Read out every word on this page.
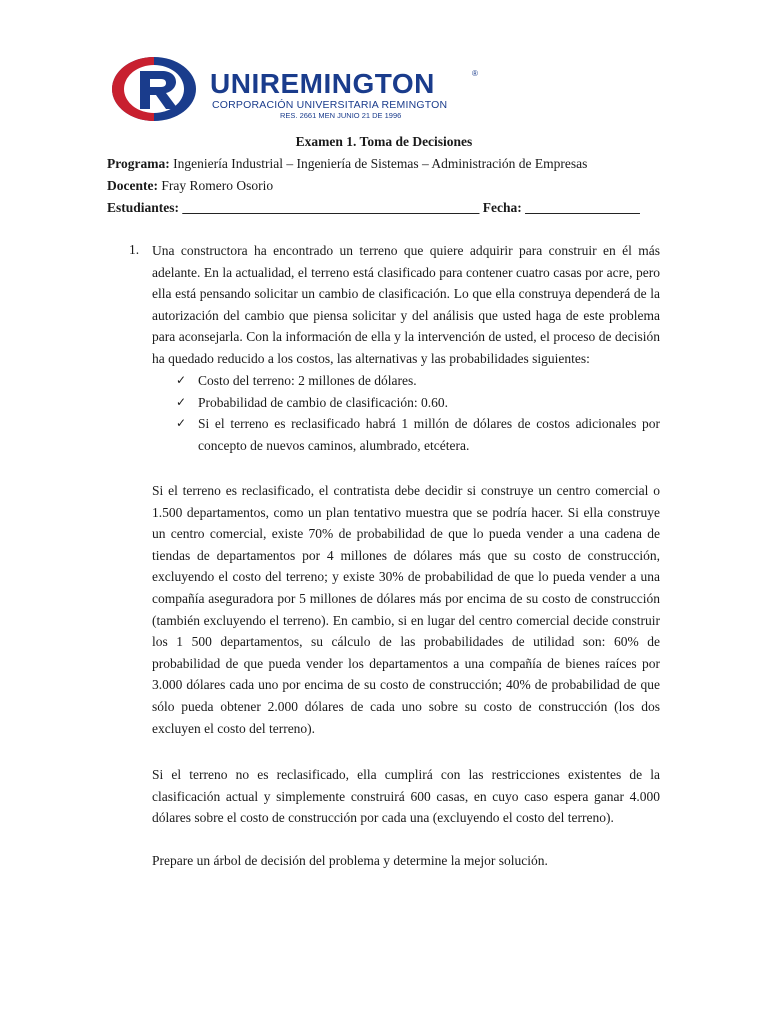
UNIREMINGTON	®
CORPORACIÓN UNIVERSITARIA REMINGTON
RES. 2661 MEN JUNIO 21 DE 1996
Examen 1. Toma de Decisiones
Programa: Ingeniería Industrial – Ingeniería de Sistemas – Administración de Empresas
Docente: Fray Romero Osorio
Estudiantes: ____________________________________________ Fecha: _________________
1. Una constructora ha encontrado un terreno que quiere adquirir para construir en él más adelante. En la actualidad, el terreno está clasificado para contener cuatro casas por acre, pero ella está pensando solicitar un cambio de clasificación. Lo que ella construya dependerá de la autorización del cambio que piensa solicitar y del análisis que usted haga de este problema para aconsejarla. Con la información de ella y la intervención de usted, el proceso de decisión ha quedado reducido a los costos, las alternativas y las probabilidades siguientes:

✓ Costo del terreno: 2 millones de dólares.
✓ Probabilidad de cambio de clasificación: 0.60.
✓ Si el terreno es reclasificado habrá 1 millón de dólares de costos adicionales por concepto de nuevos caminos, alumbrado, etcétera.

Si el terreno es reclasificado, el contratista debe decidir si construye un centro comercial o 1.500 departamentos, como un plan tentativo muestra que se podría hacer. Si ella construye un centro comercial, existe 70% de probabilidad de que lo pueda vender a una cadena de tiendas de departamentos por 4 millones de dólares más que su costo de construcción, excluyendo el costo del terreno; y existe 30% de probabilidad de que lo pueda vender a una compañía aseguradora por 5 millones de dólares más por encima de su costo de construcción (también excluyendo el terreno). En cambio, si en lugar del centro comercial decide construir los 1 500 departamentos, su cálculo de las probabilidades de utilidad son: 60% de probabilidad de que pueda vender los departamentos a una compañía de bienes raíces por 3.000 dólares cada uno por encima de su costo de construcción; 40% de probabilidad de que sólo pueda obtener 2.000 dólares de cada uno sobre su costo de construcción (los dos excluyen el costo del terreno).

Si el terreno no es reclasificado, ella cumplirá con las restricciones existentes de la clasificación actual y simplemente construirá 600 casas, en cuyo caso espera ganar 4.000 dólares sobre el costo de construcción por cada una (excluyendo el costo del terreno).

Prepare un árbol de decisión del problema y determine la mejor solución.
